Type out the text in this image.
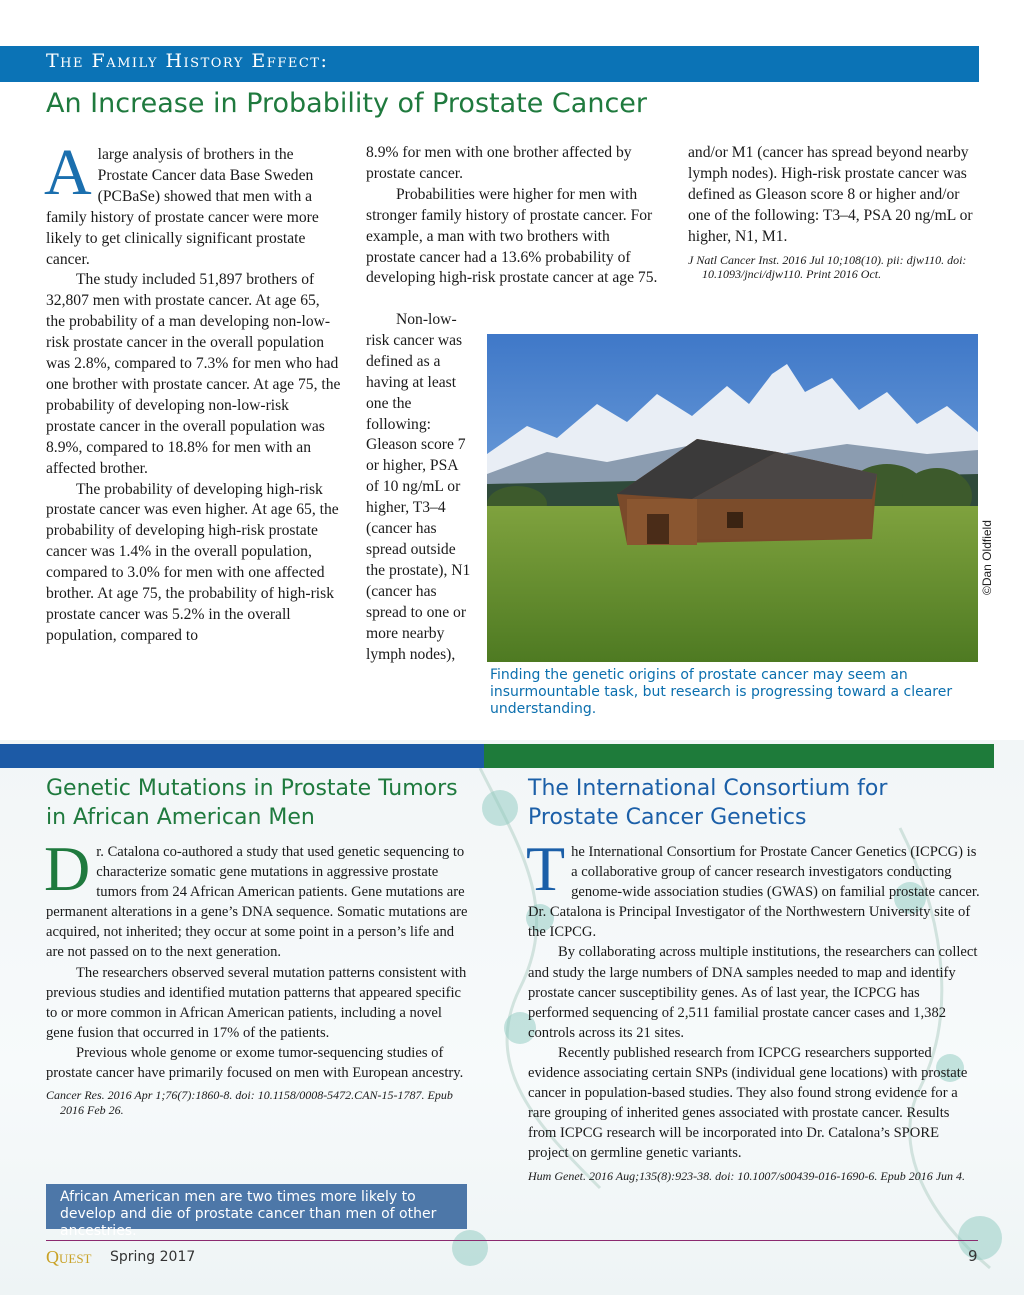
The Family History Effect:
An Increase in Probability of Prostate Cancer

Alarge analysis of brothers in the Prostate Cancer data Base Sweden (PCBaSe) showed that men with a family history of prostate cancer were more likely to get clinically significant prostate cancer.

The study included 51,897 brothers of 32,807 men with prostate cancer. At age 65, the probability of a man developing non-low-risk prostate cancer in the overall population was 2.8%, compared to 7.3% for men who had one brother with prostate cancer. At age 75, the probability of developing non-low-risk prostate cancer in the overall population was 8.9%, compared to 18.8% for men with an affected brother.

The probability of developing high-risk prostate cancer was even higher. At age 65, the probability of developing high-risk prostate cancer was 1.4% in the overall population, compared to 3.0% for men with one affected brother. At age 75, the probability of high-risk prostate cancer was 5.2% in the overall population, compared to

8.9% for men with one brother affected by prostate cancer.

Probabilities were higher for men with stronger family history of prostate cancer. For example, a man with two brothers with prostate cancer had a 13.6% probability of developing high-risk prostate cancer at age 75.

Non-low-risk cancer was defined as a having at least one the following: Gleason score 7 or higher, PSA of 10 ng/mL or higher, T3–4 (cancer has spread outside the prostate), N1 (cancer has spread to one or more nearby lymph nodes),

and/or M1 (cancer has spread beyond nearby lymph nodes). High-risk prostate cancer was defined as Gleason score 8 or higher and/or one of the following: T3–4, PSA 20 ng/mL or higher, N1, M1.

J Natl Cancer Inst. 2016 Jul 10;108(10). pii: djw110. doi: 10.1093/jnci/djw110. Print 2016 Oct.

©Dan Oldfield
Finding the genetic origins of prostate cancer may seem an insurmountable task, but research is progressing toward a clearer understanding.
Genetic Mutations in Prostate Tumors in African American Men

Dr. Catalona co-authored a study that used genetic sequencing to characterize somatic gene mutations in aggressive prostate tumors from 24 African American patients. Gene mutations are permanent alterations in a gene’s DNA sequence. Somatic mutations are acquired, not inherited; they occur at some point in a person’s life and are not passed on to the next generation.

The researchers observed several mutation patterns consistent with previous studies and identified mutation patterns that appeared specific to or more common in African American patients, including a novel gene fusion that occurred in 17% of the patients.

Previous whole genome or exome tumor-sequencing studies of prostate cancer have primarily focused on men with European ancestry.

Cancer Res. 2016 Apr 1;76(7):1860-8. doi: 10.1158/0008-5472.CAN-15-1787. Epub 2016 Feb 26.

African American men are two times more likely to develop and die of prostate cancer than men of other ancestries.
The International Consortium for Prostate Cancer Genetics

The International Consortium for Prostate Cancer Genetics (ICPCG) is a collaborative group of cancer research investigators conducting genome-wide association studies (GWAS) on familial prostate cancer. Dr. Catalona is Principal Investigator of the Northwestern University site of the ICPCG.

By collaborating across multiple institutions, the researchers can collect and study the large numbers of DNA samples needed to map and identify prostate cancer susceptibility genes. As of last year, the ICPCG has performed sequencing of 2,511 familial prostate cancer cases and 1,382 controls across its 21 sites.

Recently published research from ICPCG researchers supported evidence associating certain SNPs (individual gene locations) with prostate cancer in population-based studies. They also found strong evidence for a rare grouping of inherited genes associated with prostate cancer. Results from ICPCG research will be incorporated into Dr. Catalona’s SPORE project on germline genetic variants.

Hum Genet. 2016 Aug;135(8):923-38. doi: 10.1007/s00439-016-1690-6. Epub 2016 Jun 4.

Quest Spring 2017	9
